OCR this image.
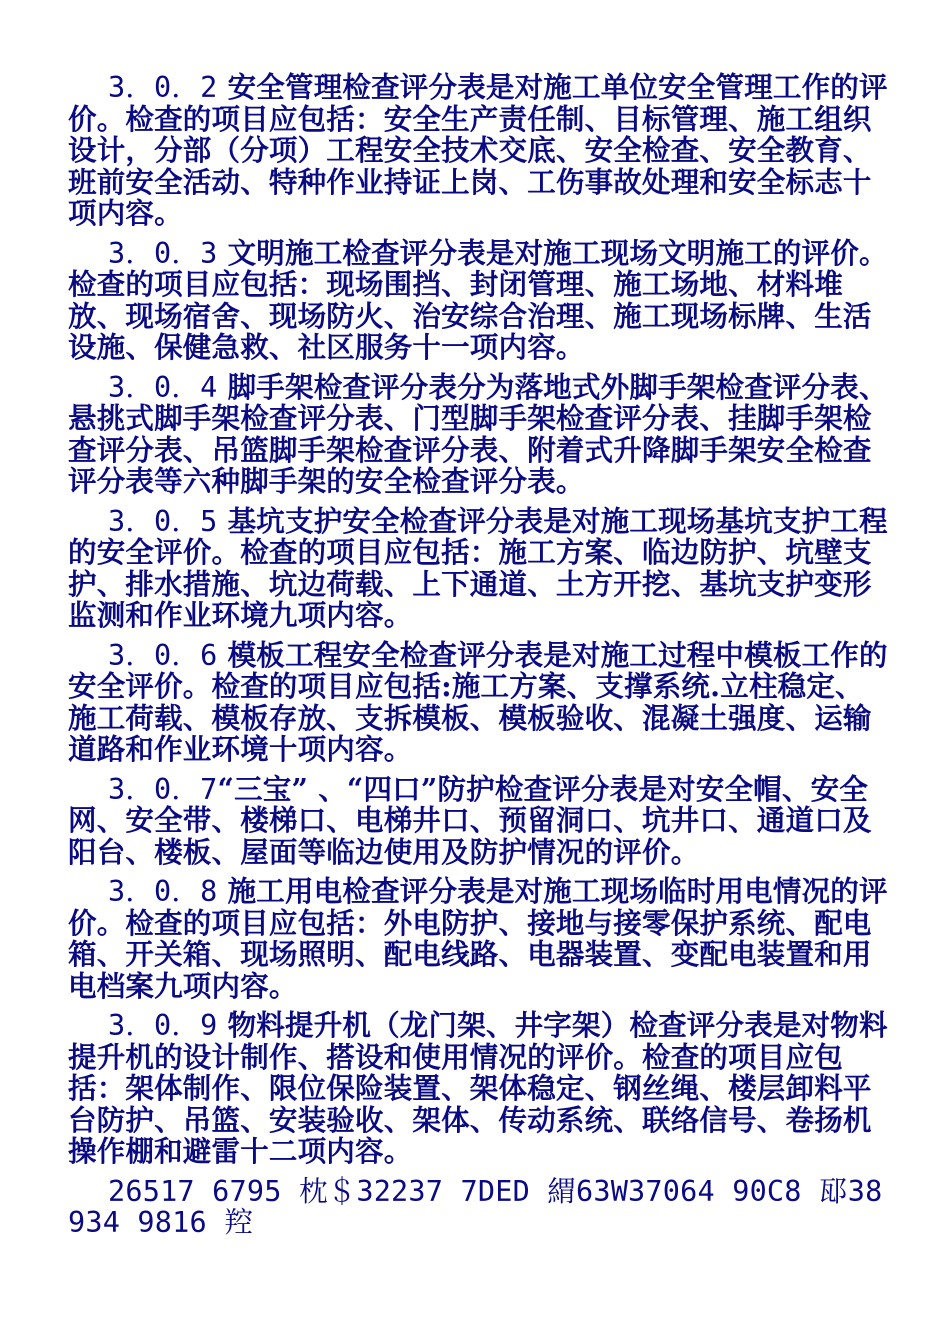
3．0．2 安全管理检查评分表是对施工单位安全管理工作的评价。检查的项目应包括：安全生产责任制、目标管理、施工组织设计，分部（分项）工程安全技术交底、安全检查、安全教育、班前安全活动、特种作业持证上岗、工伤事故处理和安全标志十项内容。

3．0．3 文明施工检查评分表是对施工现场文明施工的评价。检查的项目应包括：现场围挡、封闭管理、施工场地、材料堆放、现场宿舍、现场防火、治安综合治理、施工现场标牌、生活设施、保健急救、社区服务十一项内容。

3．0．4 脚手架检查评分表分为落地式外脚手架检查评分表、悬挑式脚手架检查评分表、门型脚手架检查评分表、挂脚手架检查评分表、吊篮脚手架检查评分表、附着式升降脚手架安全检查评分表等六种脚手架的安全检查评分表。

3．0．5 基坑支护安全检查评分表是对施工现场基坑支护工程的安全评价。检查的项目应包括：施工方案、临边防护、坑壁支护、排水措施、坑边荷载、上下通道、土方开挖、基坑支护变形监测和作业环境九项内容。

3．0．6 模板工程安全检查评分表是对施工过程中模板工作的安全评价。检查的项目应包括:施工方案、支撑系统.立柱稳定、施工荷载、模板存放、支拆模板、模板验收、混凝土强度、运输道路和作业环境十项内容。

3．0．7“三宝” 、“四口”防护检查评分表是对安全帽、安全网、安全带、楼梯口、电梯井口、预留洞口、坑井口、通道口及阳台、楼板、屋面等临边使用及防护情况的评价。

3．0．8 施工用电检查评分表是对施工现场临时用电情况的评价。检查的项目应包括：外电防护、接地与接零保护系统、配电箱、开关箱、现场照明、配电线路、电器装置、变配电装置和用电档案九项内容。

3．0．9 物料提升机（龙门架、井字架）检查评分表是对物料提升机的设计制作、搭设和使用情况的评价。检查的项目应包括：架体制作、限位保险装置、架体稳定、钢丝绳、楼层卸料平台防护、吊篮、安装验收、架体、传动系统、联络信号、卷扬机操作棚和避雷十二项内容。

26517 6795 枕＄32237 7DED 緭63W37064 90C8 邷38934 9816 羫
